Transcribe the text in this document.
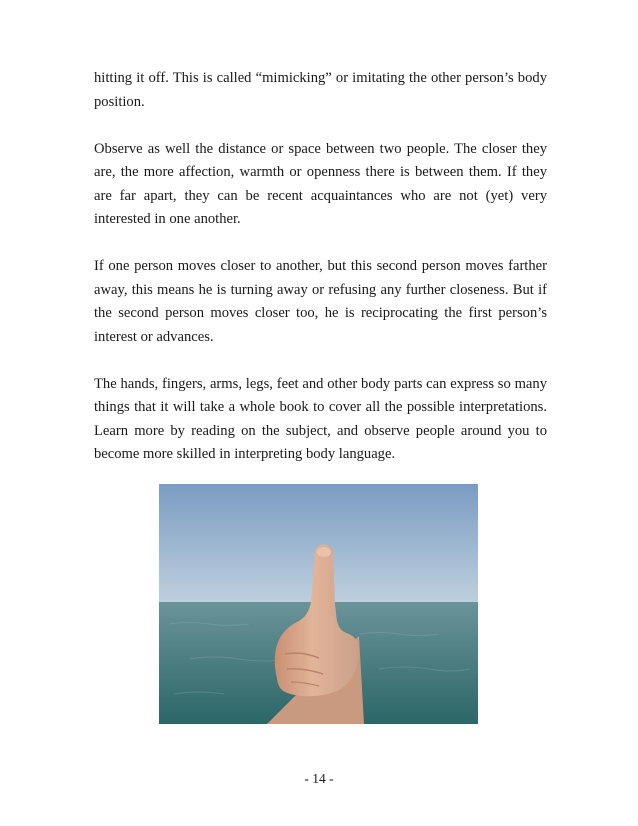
hitting it off. This is called “mimicking” or imitating the other person’s body position.

Observe as well the distance or space between two people. The closer they are, the more affection, warmth or openness there is between them. If they are far apart, they can be recent acquaintances who are not (yet) very interested in one another.

If one person moves closer to another, but this second person moves farther away, this means he is turning away or refusing any further closeness. But if the second person moves closer too, he is reciprocating the first person’s interest or advances.

The hands, fingers, arms, legs, feet and other body parts can express so many things that it will take a whole book to cover all the possible interpretations. Learn more by reading on the subject, and observe people around you to become more skilled in interpreting body language.

- 14 -
